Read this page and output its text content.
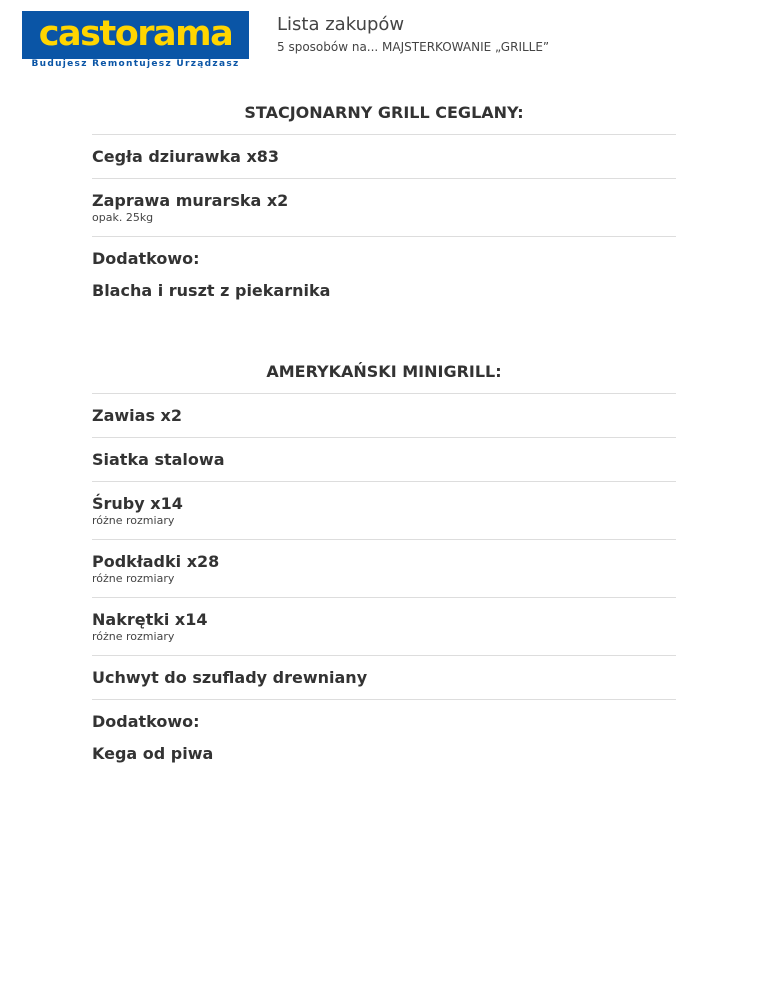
castorama
Budujesz Remontujesz Urządzasz
Lista zakupów
5 sposobów na... MAJSTERKOWANIE „GRILLE”
STACJONARNY GRILL CEGLANY:
Cegła dziurawka x83
Zaprawa murarska x2
opak. 25kg
Dodatkowo:
Blacha i ruszt z piekarnika
AMERYKAŃSKI MINIGRILL:
Zawias x2
Siatka stalowa
Śruby x14
różne rozmiary
Podkładki x28
różne rozmiary
Nakrętki x14
różne rozmiary
Uchwyt do szuflady drewniany
Dodatkowo:
Kega od piwa
